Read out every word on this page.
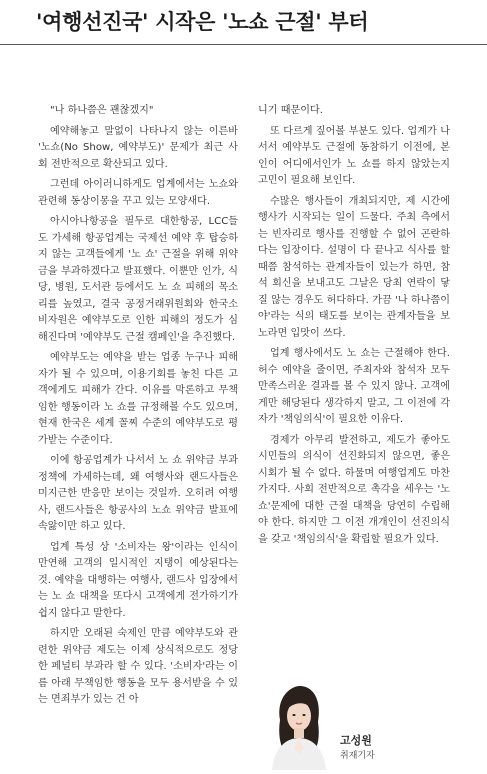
'여행선진국' 시작은 '노쇼 근절' 부터

"나 하나쯤은 괜찮겠지"

예약해놓고 말없이 나타나지 않는 이른바 '노쇼(No Show, 예약부도)' 문제가 최근 사회 전반적으로 확산되고 있다.

그런데 아이러니하게도 업계에서는 노쇼와 관련해 동상이몽을 꾸고 있는 모양새다.

아시아나항공을 필두로 대한항공, LCC들도 가세해 항공업계는 국제선 예약 후 탑승하지 않는 고객들에게 '노 쇼' 근절을 위해 위약금을 부과하겠다고 발표했다. 이뿐만 인가, 식당, 병원, 도서관 등에서도 노 쇼 피해의 목소리를 높였고, 결국 공정거래위원회와 한국소비자원은 예약부도로 인한 피해의 정도가 심해진다며 '예약부도 근절 캠페인'을 추진했다.

예약부도는 예약을 받는 업종 누구나 피해자가 될 수 있으며, 이용기회를 놓친 다른 고객에게도 피해가 간다. 이유를 막론하고 무책임한 행동이라 노 쇼를 규정해볼 수도 있으며, 현재 한국은 세계 꼴찌 수준의 예약부도로 평가받는 수준이다.

이에 항공업계가 나서서 노 쇼 위약금 부과 정책에 가세하는데, 왜 여행사와 랜드사들은 미지근한 반응만 보이는 것일까. 오히려 여행사, 랜드사들은 항공사의 노쇼 위약금 발표에 속앓이만 하고 있다.

업계 특성 상 '소비자는 왕'이라는 인식이 만연해 고객의 일시적인 지탱이 예상된다는 것. 예약을 대행하는 여행사, 랜드사 입장에서는 노 쇼 대책을 또다시 고객에게 전가하기가 쉽지 않다고 말한다.

하지만 오래된 숙제인 만큼 예약부도와 관련한 위약금 제도는 이제 상식적으로도 정당한 페널티 부과라 할 수 있다. '소비자'라는 이름 아래 무책임한 행동을 모두 용서받을 수 있는 면죄부가 있는 건 아

니기 때문이다.

또 다르게 짚어볼 부분도 있다. 업계가 나서서 예약부도 근절에 동참하기 이전에, 본인이 어디에서인가 노 쇼를 하지 않았는지 고민이 필요해 보인다.

수많은 행사들이 개최되지만, 제 시간에 행사가 시작되는 일이 드물다. 주최 측에서는 빈자리로 행사를 진행할 수 없어 곤란하다는 입장이다. 설명이 다 끝나고 식사를 할 때쯤 참석하는 관계자들이 있는가 하면, 참석 회신을 보내고도 그날은 당최 연락이 닿질 않는 경우도 허다하다. 가끔 '나 하나쯤이야'라는 식의 태도를 보이는 관계자들을 보노라면 입맛이 쓰다.

업계 행사에서도 노 쇼는 근절해야 한다. 허수 예약을 줄이면, 주최자와 참석자 모두 만족스러운 결과를 볼 수 있지 않나. 고객에게만 해당된다 생각하지 말고, 그 이전에 각자가 '책임의식'이 필요한 이유다.

경제가 아무리 발전하고, 제도가 좋아도 시민들의 의식이 선진화되지 않으면, 좋은 시회가 될 수 없다. 하물며 여행업계도 마찬가지다. 사회 전반적으로 촉각을 세우는 '노 쇼'문제에 대한 근절 대책을 당연히 수립해야 한다. 하지만 그 이전 개개인이 선진의식을 갖고 '책임의식'을 확립할 필요가 있다.

고성원
취재기자
